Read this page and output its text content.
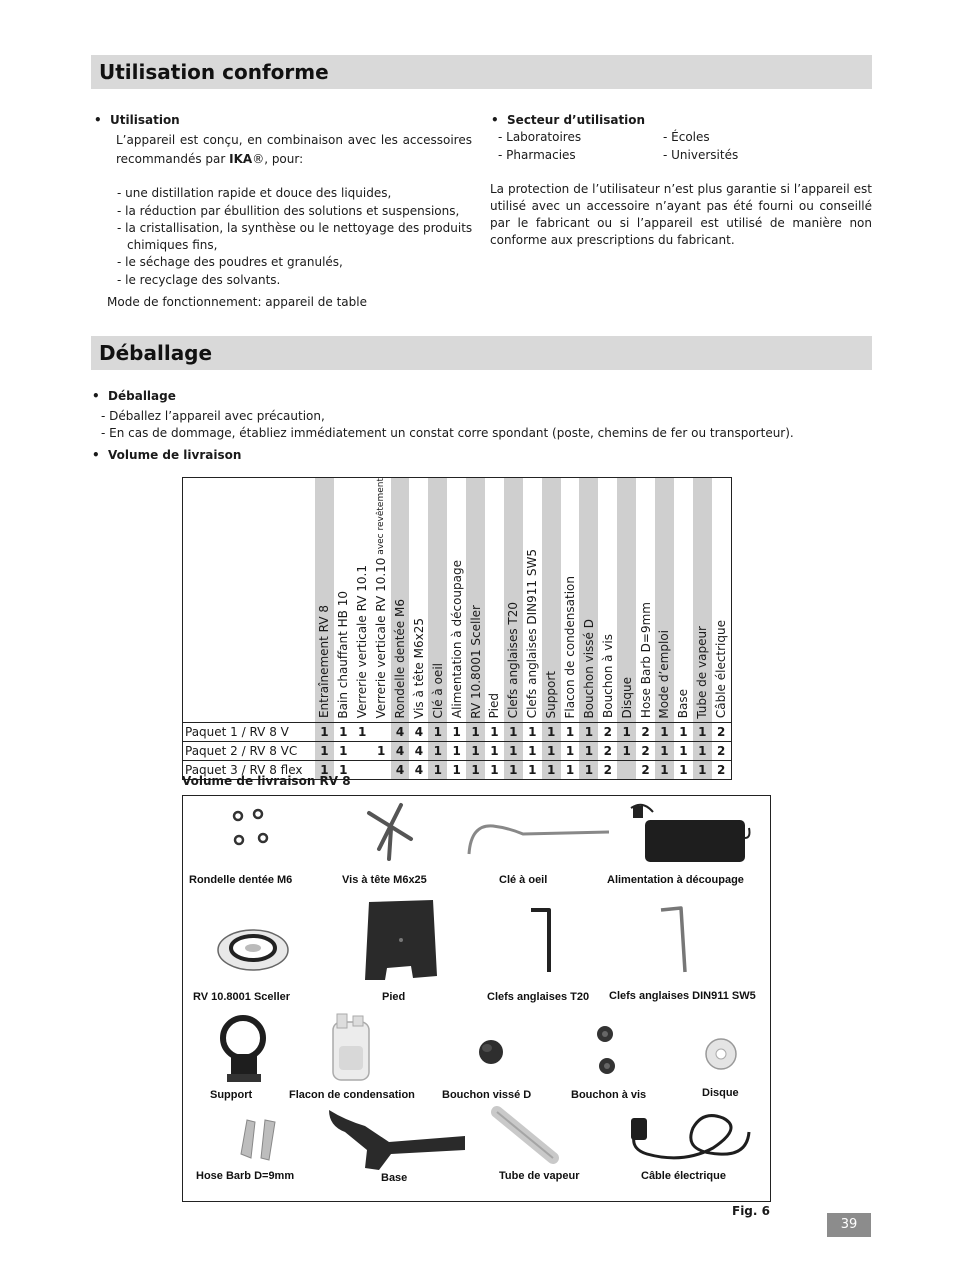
Utilisation conforme
•  Utilisation
L’appareil est conçu, en combinaison avec les accessoires recommandés par IKA®, pour:
- une distillation rapide et douce des liquides,
- la réduction par ébullition des solutions et suspensions,
- la cristallisation, la synthèse ou le nettoyage des produits
chimiques fins,
- le séchage des poudres et granulés,
- le recyclage des solvants.
Mode de fonctionnement: appareil de table
•  Secteur d’utilisation
- Laboratoires
- Pharmacies
- Écoles
- Universités
La protection de l’utilisateur n’est plus garantie si l’appareil est utilisé avec un accessoire n’ayant pas été fourni ou conseillé par le fabricant ou si l’appareil est utilisé de manière non conforme aux prescriptions du fabricant.
Déballage
•  Déballage
- Déballez l’appareil avec précaution,
- En cas de dommage, établiez immédiatement un constat corre spondant (poste, chemins de fer ou transporteur).
•  Volume de livraison

	Entraînement RV 8	Bain chauffant HB 10	Verrerie verticale RV 10.1	Verrerie verticale RV 10.10 avec revêtement	Rondelle dentée M6	Vis à tête M6x25	Clé à oeil	Alimentation à découpage	RV 10.8001 Sceller	Pied	Clefs anglaises T20	Clefs anglaises DIN911 SW5	Support	Flacon de condensation	Bouchon vissé D	Bouchon à vis	Disque	Hose Barb D=9mm	Mode d’emploi	Base	Tube de vapeur	Câble électrique

Paquet 1 / RV 8 V	1	1	1		4	4	1	1	1	1	1	1	1	1	1	2	1	2	1	1	1	2
Paquet 2 / RV 8 VC	1	1		1	4	4	1	1	1	1	1	1	1	1	1	2	1	2	1	1	1	2
Paquet 3 / RV 8 flex	1	1			4	4	1	1	1	1	1	1	1	1	1	2		2	1	1	1	2
Volume de livraison RV 8
Rondelle dentée M6	Vis à tête M6x25	Clé à oeil	Alimentation à découpage
RV 10.8001 Sceller	Pied	Clefs anglaises T20 Clefs anglaises DIN911 SW5
Support	Flacon de condensation Bouchon vissé D	Bouchon à vis	Disque
Hose Barb D=9mm	Base	Tube de vapeur	Câble électrique
Fig. 6
39
